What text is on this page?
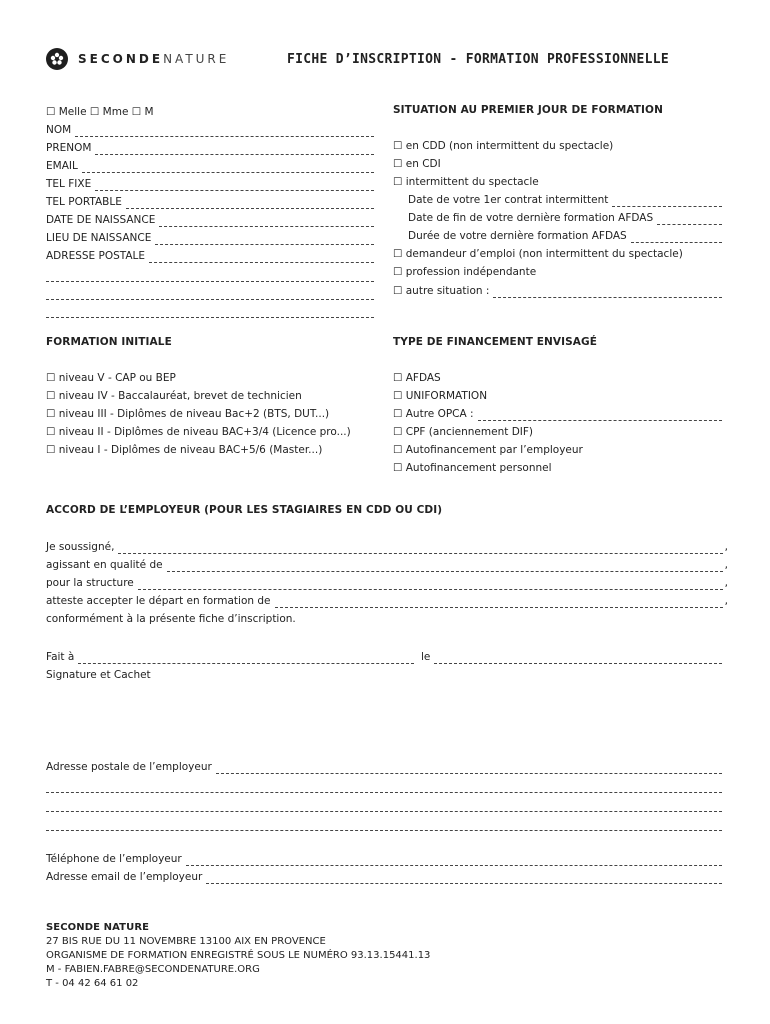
SECONDENATURE	FICHE D’INSCRIPTION - FORMATION PROFESSIONNELLE
☐ Melle ☐ Mme ☐ M
NOM
PRENOM
EMAIL
TEL FIXE
TEL PORTABLE
DATE DE NAISSANCE
LIEU DE NAISSANCE
ADRESSE POSTALE
SITUATION AU PREMIER JOUR DE FORMATION
☐ en CDD (non intermittent du spectacle)
☐ en CDI
☐ intermittent du spectacle
Date de votre 1er contrat intermittent
Date de fin de votre dernière formation AFDAS
Durée de votre dernière formation AFDAS
☐ demandeur d’emploi (non intermittent du spectacle)
☐ profession indépendante
☐ autre situation :
FORMATION INITIALE
☐ niveau V - CAP ou BEP
☐ niveau IV - Baccalauréat, brevet de technicien
☐ niveau III - Diplômes de niveau Bac+2 (BTS, DUT...)
☐ niveau II - Diplômes de niveau BAC+3/4 (Licence pro...)
☐ niveau I - Diplômes de niveau BAC+5/6 (Master...)
TYPE DE FINANCEMENT ENVISAGÉ
☐ AFDAS
☐ UNIFORMATION
☐ Autre OPCA :
☐ CPF (anciennement DIF)
☐ Autofinancement par l’employeur
☐ Autofinancement personnel
ACCORD DE L’EMPLOYEUR (POUR LES STAGIAIRES EN CDD OU CDI)
Je soussigné,	,
agissant en qualité de	,
pour la structure	,
atteste accepter le départ en formation de	,
conformément à la présente fiche d’inscription.
Fait à	le
Signature et Cachet
Adresse postale de l’employeur
Téléphone de l’employeur
Adresse email de l’employeur
SECONDE NATURE
27 BIS RUE DU 11 NOVEMBRE 13100 AIX EN PROVENCE
ORGANISME DE FORMATION ENREGISTRÉ SOUS LE NUMÉRO 93.13.15441.13
M - FABIEN.FABRE@SECONDENATURE.ORG
T - 04 42 64 61 02
